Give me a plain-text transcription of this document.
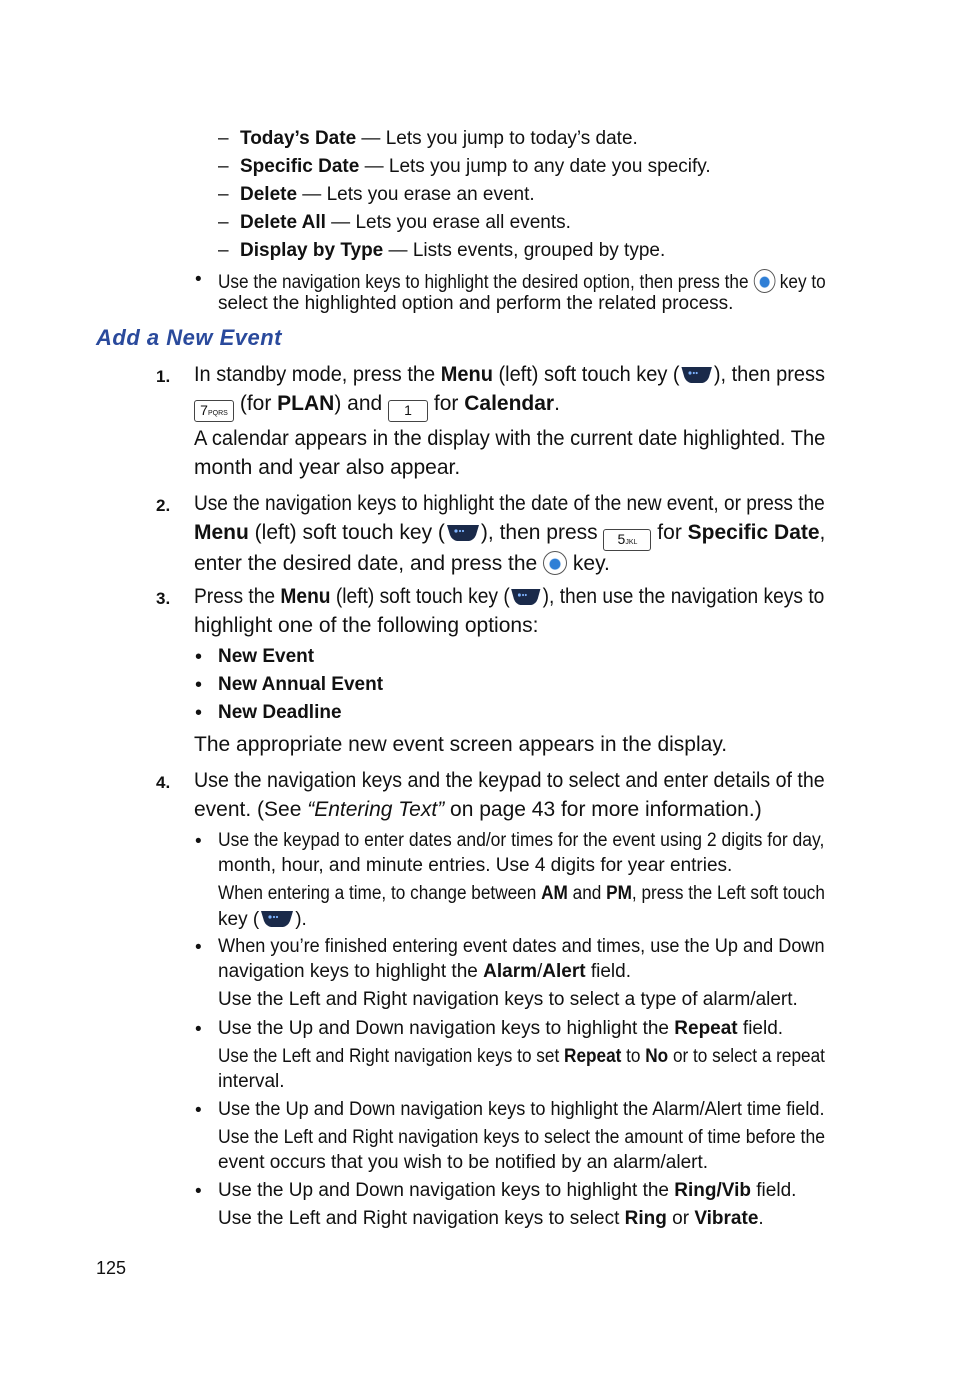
– Today’s Date — Lets you jump to today’s date.
– Specific Date — Lets you jump to any date you specify.
– Delete — Lets you erase an event.
– Delete All — Lets you erase all events.
– Display by Type — Lists events, grouped by type.
• Use the navigation keys to highlight the desired option, then press the  key to
select the highlighted option and perform the related process.
Add a New Event
1. In standby mode, press the Menu (left) soft touch key ( ), then press
7PQRS (for PLAN) and 1 for Calendar.
A calendar appears in the display with the current date highlighted. The
month and year also appear.
2. Use the navigation keys to highlight the date of the new event, or press the
Menu (left) soft touch key ( ), then press 5JKL for Specific Date,
enter the desired date, and press the  key.
3. Press the Menu (left) soft touch key ( ), then use the navigation keys to
highlight one of the following options:
• New Event
• New Annual Event
• New Deadline
The appropriate new event screen appears in the display.
4. Use the navigation keys and the keypad to select and enter details of the
event. (See “Entering Text” on page 43 for more information.)
• Use the keypad to enter dates and/or times for the event using 2 digits for day,
month, hour, and minute entries. Use 4 digits for year entries.
When entering a time, to change between AM and PM, press the Left soft touch
key ( ).
• When you’re finished entering event dates and times, use the Up and Down
navigation keys to highlight the Alarm/Alert field.
Use the Left and Right navigation keys to select a type of alarm/alert.
• Use the Up and Down navigation keys to highlight the Repeat field.
Use the Left and Right navigation keys to set Repeat to No or to select a repeat
interval.
• Use the Up and Down navigation keys to highlight the Alarm/Alert time field.
Use the Left and Right navigation keys to select the amount of time before the
event occurs that you wish to be notified by an alarm/alert.
• Use the Up and Down navigation keys to highlight the Ring/Vib field.
Use the Left and Right navigation keys to select Ring or Vibrate.
125
